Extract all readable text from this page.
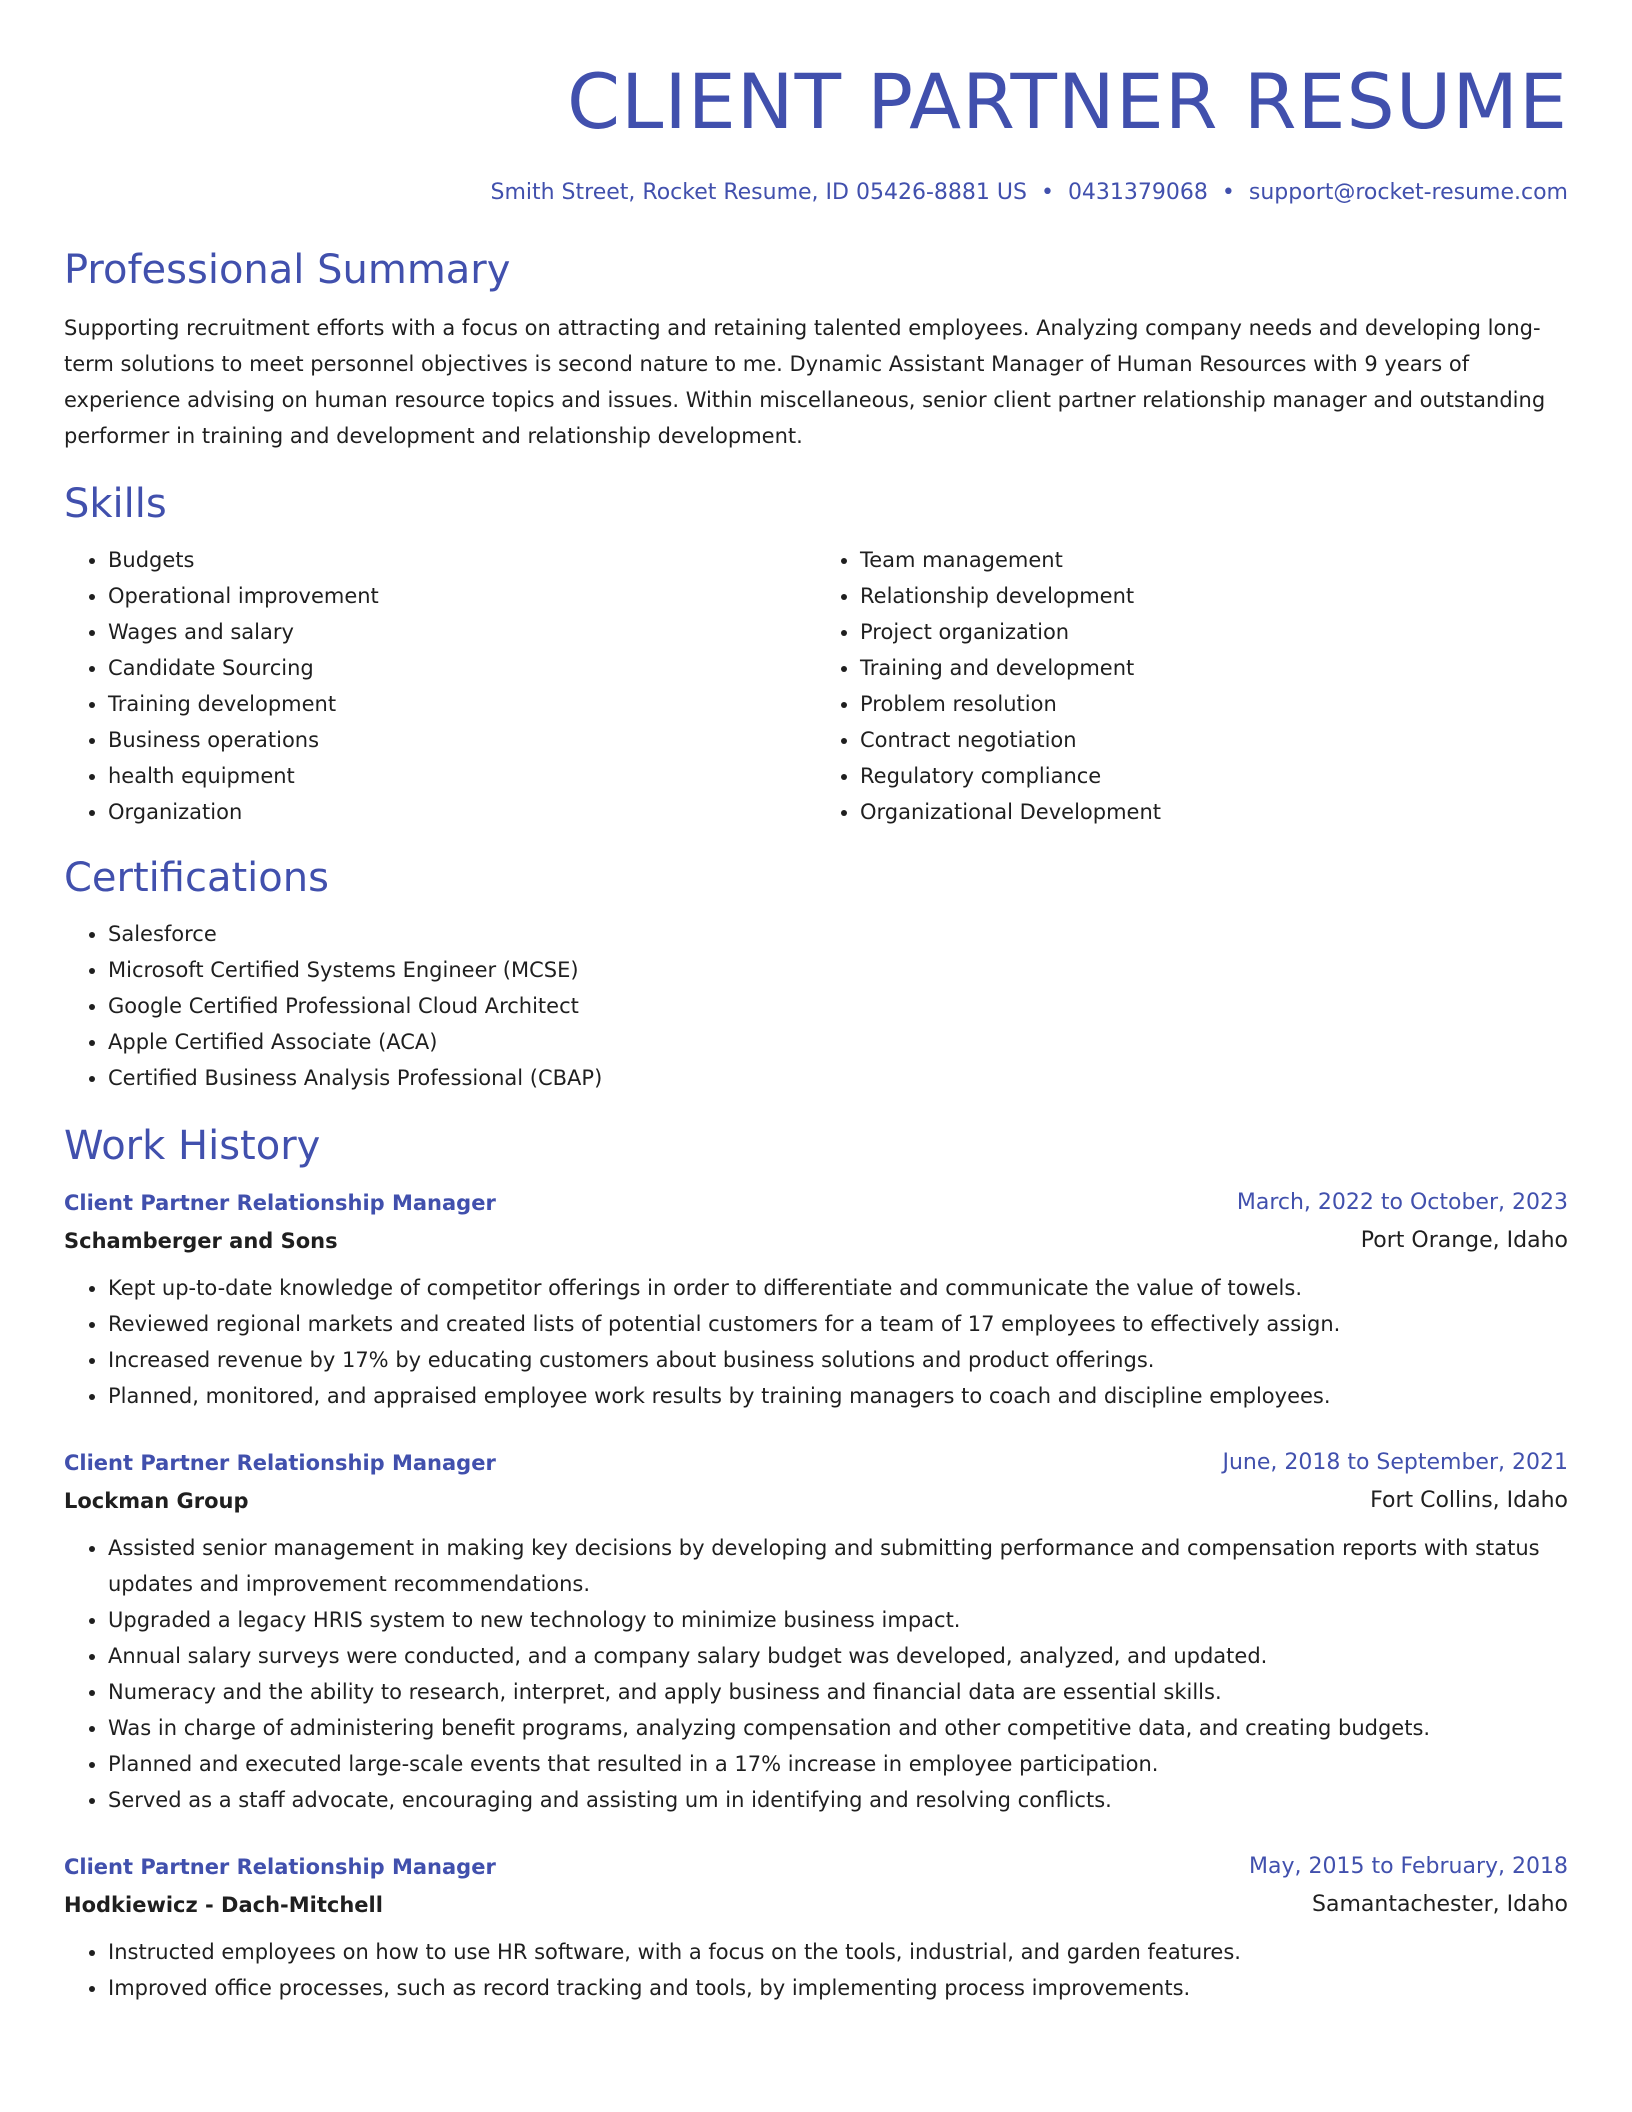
CLIENT PARTNER RESUME
Smith Street, Rocket Resume, ID 05426-8881 US • 0431379068 • support@rocket-resume.com
Professional Summary
Supporting recruitment efforts with a focus on attracting and retaining talented employees. Analyzing company needs and developing long-term solutions to meet personnel objectives is second nature to me. Dynamic Assistant Manager of Human Resources with 9 years of experience advising on human resource topics and issues. Within miscellaneous, senior client partner relationship manager and outstanding performer in training and development and relationship development.
Skills
• Budgets
• Operational improvement
• Wages and salary
• Candidate Sourcing
• Training development
• Business operations
• health equipment
• Organization
• Team management
• Relationship development
• Project organization
• Training and development
• Problem resolution
• Contract negotiation
• Regulatory compliance
• Organizational Development
Certifications
• Salesforce
• Microsoft Certified Systems Engineer (MCSE)
• Google Certified Professional Cloud Architect
• Apple Certified Associate (ACA)
• Certified Business Analysis Professional (CBAP)
Work History
Client Partner Relationship Manager	March, 2022 to October, 2023
Schamberger and Sons	Port Orange, Idaho
• Kept up-to-date knowledge of competitor offerings in order to differentiate and communicate the value of towels.
• Reviewed regional markets and created lists of potential customers for a team of 17 employees to effectively assign.
• Increased revenue by 17% by educating customers about business solutions and product offerings.
• Planned, monitored, and appraised employee work results by training managers to coach and discipline employees.
Client Partner Relationship Manager	June, 2018 to September, 2021
Lockman Group	Fort Collins, Idaho
• Assisted senior management in making key decisions by developing and submitting performance and compensation reports with status updates and improvement recommendations.
• Upgraded a legacy HRIS system to new technology to minimize business impact.
• Annual salary surveys were conducted, and a company salary budget was developed, analyzed, and updated.
• Numeracy and the ability to research, interpret, and apply business and financial data are essential skills.
• Was in charge of administering benefit programs, analyzing compensation and other competitive data, and creating budgets.
• Planned and executed large-scale events that resulted in a 17% increase in employee participation.
• Served as a staff advocate, encouraging and assisting um in identifying and resolving conflicts.
Client Partner Relationship Manager	May, 2015 to February, 2018
Hodkiewicz - Dach-Mitchell	Samantachester, Idaho
• Instructed employees on how to use HR software, with a focus on the tools, industrial, and garden features.
• Improved office processes, such as record tracking and tools, by implementing process improvements.
